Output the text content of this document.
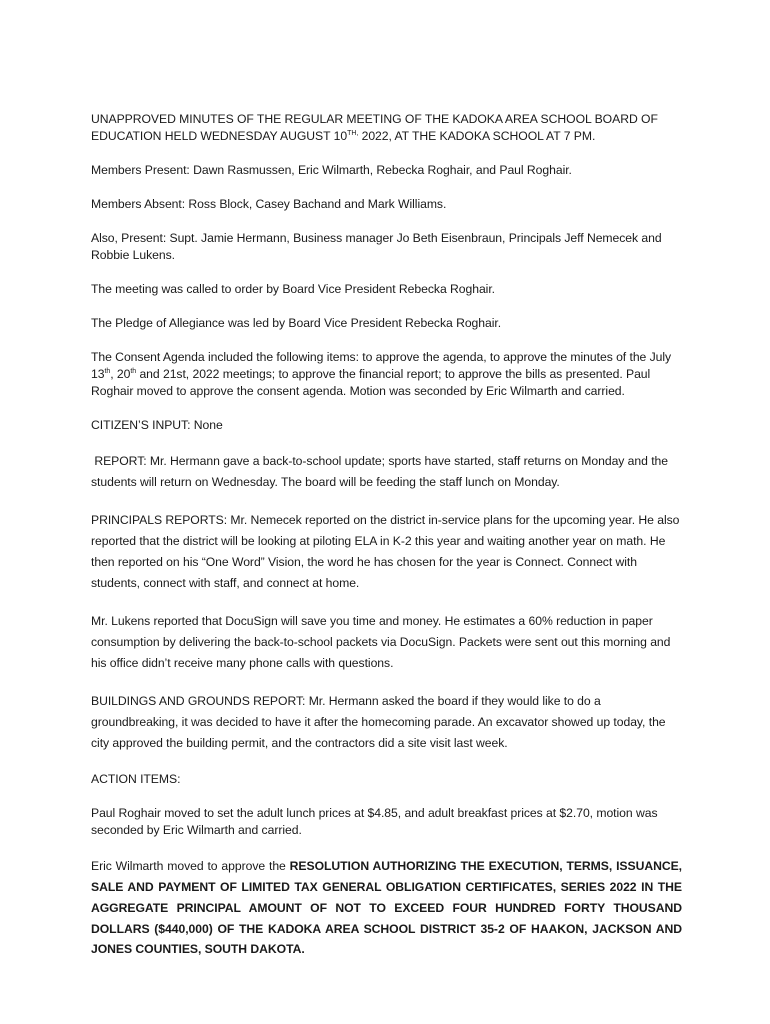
UNAPPROVED MINUTES OF THE REGULAR MEETING OF THE KADOKA AREA SCHOOL BOARD OF
EDUCATION HELD WEDNESDAY AUGUST $10^{TH,}$ 2022, AT THE KADOKA SCHOOL AT 7 PM.

Members Present: Dawn Rasmussen, Eric Wilmarth, Rebecka Roghair, and Paul Roghair.

Members Absent: Ross Block, Casey Bachand and Mark Williams.

Also, Present: Supt. Jamie Hermann, Business manager Jo Beth Eisenbraun, Principals Jeff Nemecek and Robbie Lukens.

The meeting was called to order by Board Vice President Rebecka Roghair.

The Pledge of Allegiance was led by Board Vice President Rebecka Roghair.

The Consent Agenda included the following items: to approve the agenda, to approve the minutes of the July 13th, 20th and 21st, 2022 meetings; to approve the financial report; to approve the bills as presented. Paul Roghair moved to approve the consent agenda. Motion was seconded by Eric Wilmarth and carried.

CITIZEN’S INPUT: None

REPORT: Mr. Hermann gave a back-to-school update; sports have started, staff returns on Monday and the students will return on Wednesday. The board will be feeding the staff lunch on Monday.

PRINCIPALS REPORTS: Mr. Nemecek reported on the district in-service plans for the upcoming year. He also reported that the district will be looking at piloting ELA in K-2 this year and waiting another year on math. He then reported on his “One Word” Vision, the word he has chosen for the year is Connect. Connect with students, connect with staff, and connect at home.

Mr. Lukens reported that DocuSign will save you time and money. He estimates a 60% reduction in paper consumption by delivering the back-to-school packets via DocuSign. Packets were sent out this morning and his office didn’t receive many phone calls with questions.

BUILDINGS AND GROUNDS REPORT: Mr. Hermann asked the board if they would like to do a groundbreaking, it was decided to have it after the homecoming parade. An excavator showed up today, the city approved the building permit, and the contractors did a site visit last week.

ACTION ITEMS:

Paul Roghair moved to set the adult lunch prices at $4.85, and adult breakfast prices at $2.70, motion was seconded by Eric Wilmarth and carried.

Eric Wilmarth moved to approve the RESOLUTION AUTHORIZING THE EXECUTION, TERMS, ISSUANCE, SALE AND PAYMENT OF LIMITED TAX GENERAL OBLIGATION CERTIFICATES, SERIES 2022 IN THE AGGREGATE PRINCIPAL AMOUNT OF NOT TO EXCEED FOUR HUNDRED FORTY THOUSAND  DOLLARS ($440,000) OF THE KADOKA AREA SCHOOL DISTRICT 35-2 OF HAAKON, JACKSON AND JONES COUNTIES, SOUTH DAKOTA.
